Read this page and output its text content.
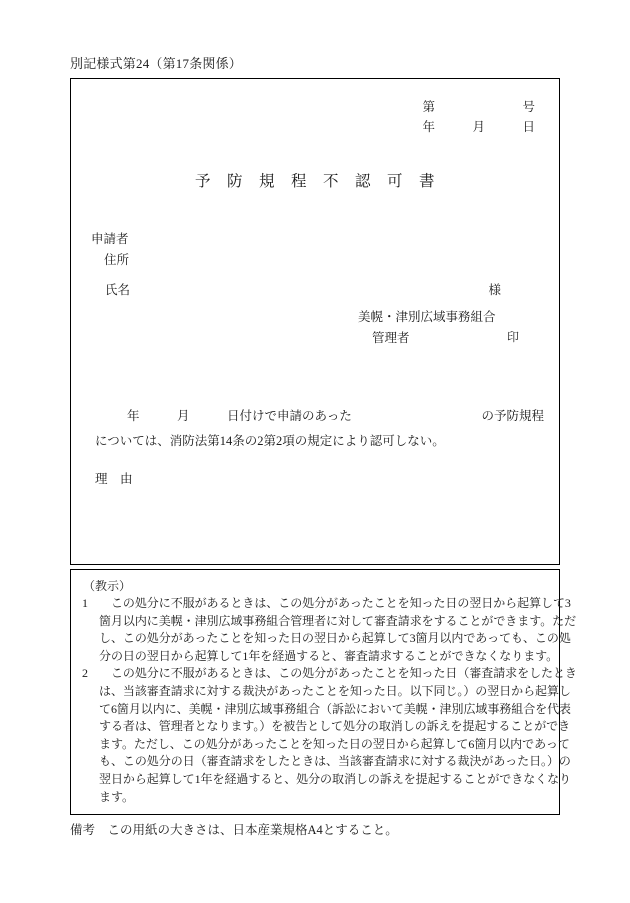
別記様式第24（第17条関係）
第　　　　　　　号
年　　　月　　　日
予　防　規　程　不　認　可　書
申請者
住所
氏名	様
美幌・津別広域事務組合
管理者	印
年　　　月　　　日付けで申請のあった	の予防規程
については、消防法第14条の2第2項の規定により認可しない。
理　由
（教示）
1 　この処分に不服があるときは、この処分があったことを知った日の翌日から起算して3
箇月以内に美幌・津別広域事務組合管理者に対して審査請求をすることができます。ただ
し、この処分があったことを知った日の翌日から起算して3箇月以内であっても、この処
分の日の翌日から起算して1年を経過すると、審査請求することができなくなります。
2 　この処分に不服があるときは、この処分があったことを知った日（審査請求をしたとき
は、当該審査請求に対する裁決があったことを知った日。以下同じ。）の翌日から起算し
て6箇月以内に、美幌・津別広域事務組合（訴訟において美幌・津別広域事務組合を代表
する者は、管理者となります。）を被告として処分の取消しの訴えを提起することができ
ます。ただし、この処分があったことを知った日の翌日から起算して6箇月以内であって
も、この処分の日（審査請求をしたときは、当該審査請求に対する裁決があった日。）の
翌日から起算して1年を経過すると、処分の取消しの訴えを提起することができなくなり
ます。
備考　この用紙の大きさは、日本産業規格A4とすること。
